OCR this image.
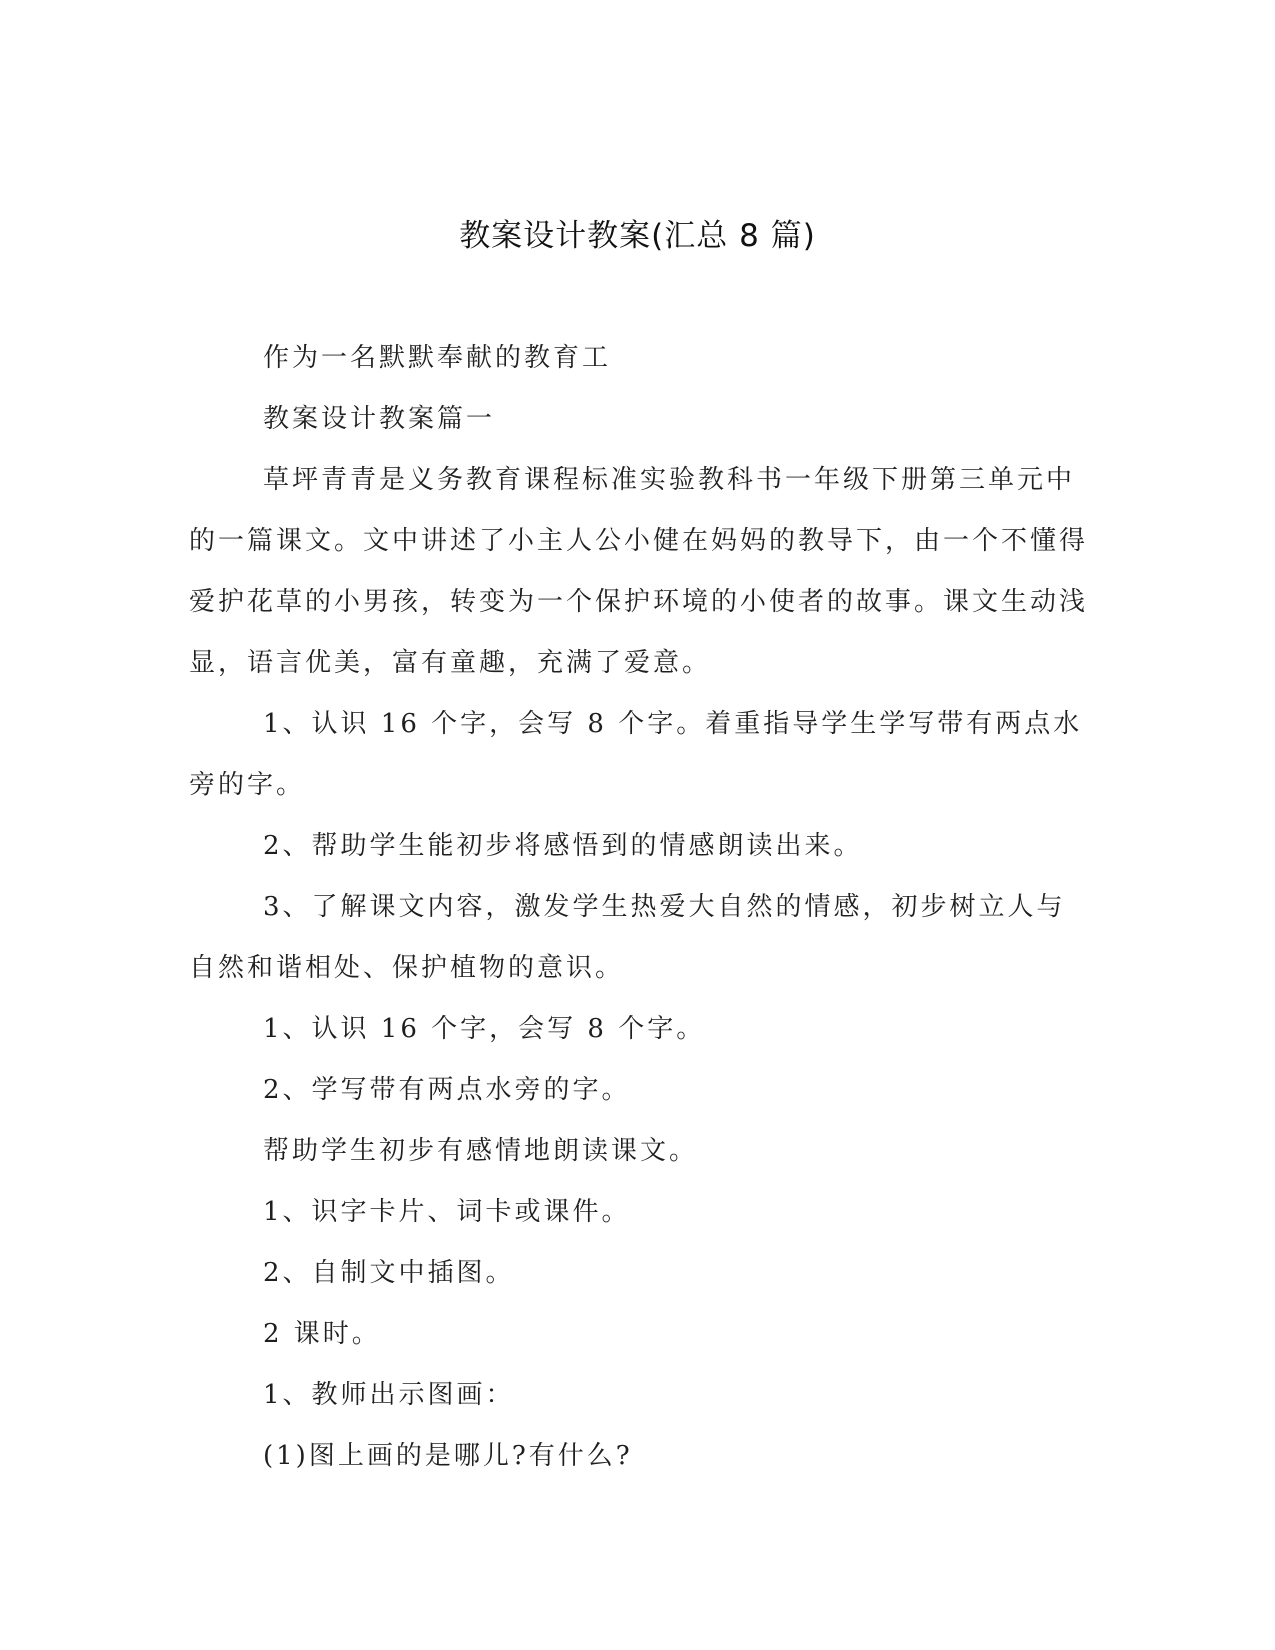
教案设计教案(汇总 8 篇)

作为一名默默奉献的教育工

教案设计教案篇一

草坪青青是义务教育课程标准实验教科书一年级下册第三单元中的一篇课文。文中讲述了小主人公小健在妈妈的教导下，由一个不懂得爱护花草的小男孩，转变为一个保护环境的小使者的故事。课文生动浅显，语言优美，富有童趣，充满了爱意。

1、认识 16 个字，会写 8 个字。着重指导学生学写带有两点水旁的字。

2、帮助学生能初步将感悟到的情感朗读出来。

3、了解课文内容，激发学生热爱大自然的情感，初步树立人与自然和谐相处、保护植物的意识。

1、认识 16 个字，会写 8 个字。

2、学写带有两点水旁的字。

帮助学生初步有感情地朗读课文。

1、识字卡片、词卡或课件。

2、自制文中插图。

2 课时。

1、教师出示图画：

(1)图上画的是哪儿?有什么?
